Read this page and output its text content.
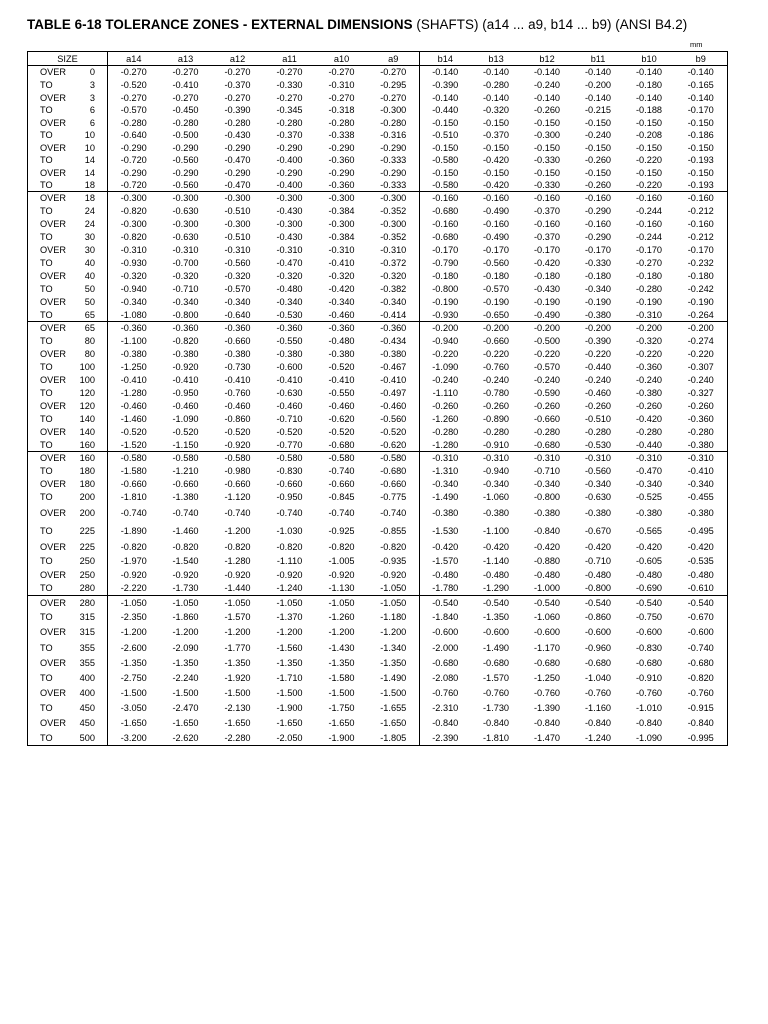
TABLE 6-18 TOLERANCE ZONES - EXTERNAL DIMENSIONS (SHAFTS) (a14 ... a9, b14 ... b9) (ANSI B4.2)
mm
SIZE		a14	a13	a12	a11	a10	a9	b14	b13	b12	b11	b10	b9
OVER	0	-0.270	-0.270	-0.270	-0.270	-0.270	-0.270	-0.140	-0.140	-0.140	-0.140	-0.140	-0.140
TO	3	-0.520	-0.410	-0.370	-0.330	-0.310	-0.295	-0.390	-0.280	-0.240	-0.200	-0.180	-0.165
OVER	3	-0.270	-0.270	-0.270	-0.270	-0.270	-0.270	-0.140	-0.140	-0.140	-0.140	-0.140	-0.140
TO	6	-0.570	-0.450	-0.390	-0.345	-0.318	-0.300	-0.440	-0.320	-0.260	-0.215	-0.188	-0.170
OVER	6	-0.280	-0.280	-0.280	-0.280	-0.280	-0.280	-0.150	-0.150	-0.150	-0.150	-0.150	-0.150
TO	10	-0.640	-0.500	-0.430	-0.370	-0.338	-0.316	-0.510	-0.370	-0.300	-0.240	-0.208	-0.186
OVER	10	-0.290	-0.290	-0.290	-0.290	-0.290	-0.290	-0.150	-0.150	-0.150	-0.150	-0.150	-0.150
TO	14	-0.720	-0.560	-0.470	-0.400	-0.360	-0.333	-0.580	-0.420	-0.330	-0.260	-0.220	-0.193
OVER	14	-0.290	-0.290	-0.290	-0.290	-0.290	-0.290	-0.150	-0.150	-0.150	-0.150	-0.150	-0.150
TO	18	-0.720	-0.560	-0.470	-0.400	-0.360	-0.333	-0.580	-0.420	-0.330	-0.260	-0.220	-0.193
OVER	18	-0.300	-0.300	-0.300	-0.300	-0.300	-0.300	-0.160	-0.160	-0.160	-0.160	-0.160	-0.160
TO	24	-0.820	-0.630	-0.510	-0.430	-0.384	-0.352	-0.680	-0.490	-0.370	-0.290	-0.244	-0.212
OVER	24	-0.300	-0.300	-0.300	-0.300	-0.300	-0.300	-0.160	-0.160	-0.160	-0.160	-0.160	-0.160
TO	30	-0.820	-0.630	-0.510	-0.430	-0.384	-0.352	-0.680	-0.490	-0.370	-0.290	-0.244	-0.212
OVER	30	-0.310	-0.310	-0.310	-0.310	-0.310	-0.310	-0.170	-0.170	-0.170	-0.170	-0.170	-0.170
TO	40	-0.930	-0.700	-0.560	-0.470	-0.410	-0.372	-0.790	-0.560	-0.420	-0.330	-0.270	-0.232
OVER	40	-0.320	-0.320	-0.320	-0.320	-0.320	-0.320	-0.180	-0.180	-0.180	-0.180	-0.180	-0.180
TO	50	-0.940	-0.710	-0.570	-0.480	-0.420	-0.382	-0.800	-0.570	-0.430	-0.340	-0.280	-0.242
OVER	50	-0.340	-0.340	-0.340	-0.340	-0.340	-0.340	-0.190	-0.190	-0.190	-0.190	-0.190	-0.190
TO	65	-1.080	-0.800	-0.640	-0.530	-0.460	-0.414	-0.930	-0.650	-0.490	-0.380	-0.310	-0.264
OVER	65	-0.360	-0.360	-0.360	-0.360	-0.360	-0.360	-0.200	-0.200	-0.200	-0.200	-0.200	-0.200
TO	80	-1.100	-0.820	-0.660	-0.550	-0.480	-0.434	-0.940	-0.660	-0.500	-0.390	-0.320	-0.274
OVER	80	-0.380	-0.380	-0.380	-0.380	-0.380	-0.380	-0.220	-0.220	-0.220	-0.220	-0.220	-0.220
TO	100	-1.250	-0.920	-0.730	-0.600	-0.520	-0.467	-1.090	-0.760	-0.570	-0.440	-0.360	-0.307
OVER	100	-0.410	-0.410	-0.410	-0.410	-0.410	-0.410	-0.240	-0.240	-0.240	-0.240	-0.240	-0.240
TO	120	-1.280	-0.950	-0.760	-0.630	-0.550	-0.497	-1.110	-0.780	-0.590	-0.460	-0.380	-0.327
OVER	120	-0.460	-0.460	-0.460	-0.460	-0.460	-0.460	-0.260	-0.260	-0.260	-0.260	-0.260	-0.260
TO	140	-1.460	-1.090	-0.860	-0.710	-0.620	-0.560	-1.260	-0.890	-0.660	-0.510	-0.420	-0.360
OVER	140	-0.520	-0.520	-0.520	-0.520	-0.520	-0.520	-0.280	-0.280	-0.280	-0.280	-0.280	-0.280
TO	160	-1.520	-1.150	-0.920	-0.770	-0.680	-0.620	-1.280	-0.910	-0.680	-0.530	-0.440	-0.380
OVER	160	-0.580	-0.580	-0.580	-0.580	-0.580	-0.580	-0.310	-0.310	-0.310	-0.310	-0.310	-0.310
TO	180	-1.580	-1.210	-0.980	-0.830	-0.740	-0.680	-1.310	-0.940	-0.710	-0.560	-0.470	-0.410
OVER	180	-0.660	-0.660	-0.660	-0.660	-0.660	-0.660	-0.340	-0.340	-0.340	-0.340	-0.340	-0.340
TO	200	-1.810	-1.380	-1.120	-0.950	-0.845	-0.775	-1.490	-1.060	-0.800	-0.630	-0.525	-0.455
OVER	200	-0.740	-0.740	-0.740	-0.740	-0.740	-0.740	-0.380	-0.380	-0.380	-0.380	-0.380	-0.380
TO	225	-1.890	-1.460	-1.200	-1.030	-0.925	-0.855	-1.530	-1.100	-0.840	-0.670	-0.565	-0.495
OVER	225	-0.820	-0.820	-0.820	-0.820	-0.820	-0.820	-0.420	-0.420	-0.420	-0.420	-0.420	-0.420
TO	250	-1.970	-1.540	-1.280	-1.110	-1.005	-0.935	-1.570	-1.140	-0.880	-0.710	-0.605	-0.535
OVER	250	-0.920	-0.920	-0.920	-0.920	-0.920	-0.920	-0.480	-0.480	-0.480	-0.480	-0.480	-0.480
TO	280	-2.220	-1.730	-1.440	-1.240	-1.130	-1.050	-1.780	-1.290	-1.000	-0.800	-0.690	-0.610
OVER	280	-1.050	-1.050	-1.050	-1.050	-1.050	-1.050	-0.540	-0.540	-0.540	-0.540	-0.540	-0.540
TO	315	-2.350	-1.860	-1.570	-1.370	-1.260	-1.180	-1.840	-1.350	-1.060	-0.860	-0.750	-0.670
OVER	315	-1.200	-1.200	-1.200	-1.200	-1.200	-1.200	-0.600	-0.600	-0.600	-0.600	-0.600	-0.600
TO	355	-2.600	-2.090	-1.770	-1.560	-1.430	-1.340	-2.000	-1.490	-1.170	-0.960	-0.830	-0.740
OVER	355	-1.350	-1.350	-1.350	-1.350	-1.350	-1.350	-0.680	-0.680	-0.680	-0.680	-0.680	-0.680
TO	400	-2.750	-2.240	-1.920	-1.710	-1.580	-1.490	-2.080	-1.570	-1.250	-1.040	-0.910	-0.820
OVER	400	-1.500	-1.500	-1.500	-1.500	-1.500	-1.500	-0.760	-0.760	-0.760	-0.760	-0.760	-0.760
TO	450	-3.050	-2.470	-2.130	-1.900	-1.750	-1.655	-2.310	-1.730	-1.390	-1.160	-1.010	-0.915
OVER	450	-1.650	-1.650	-1.650	-1.650	-1.650	-1.650	-0.840	-0.840	-0.840	-0.840	-0.840	-0.840
TO	500	-3.200	-2.620	-2.280	-2.050	-1.900	-1.805	-2.390	-1.810	-1.470	-1.240	-1.090	-0.995
